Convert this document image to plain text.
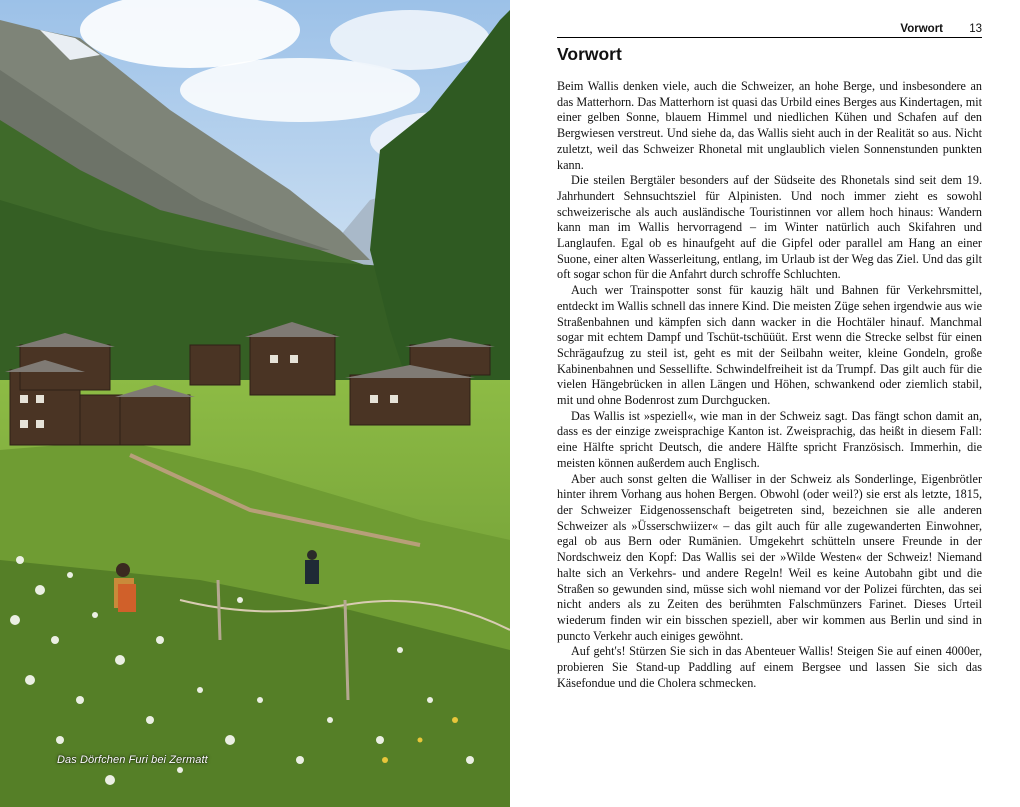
Das Dörfchen Furi bei Zermatt
Vorwort 13
Vorwort

Beim Wallis denken viele, auch die Schweizer, an hohe Berge, und insbesondere an das Matterhorn. Das Matterhorn ist quasi das Urbild eines Berges aus Kindertagen, mit einer gelben Sonne, blauem Himmel und niedlichen Kühen und Schafen auf den Bergwiesen verstreut. Und siehe da, das Wallis sieht auch in der Realität so aus. Nicht zuletzt, weil das Schweizer Rhonetal mit unglaublich vielen Sonnenstunden punkten kann.

Die steilen Bergtäler besonders auf der Südseite des Rhonetals sind seit dem 19. Jahrhundert Sehnsuchtsziel für Alpinisten. Und noch immer zieht es sowohl schweizerische als auch ausländische Touristinnen vor allem hoch hinaus: Wandern kann man im Wallis hervorragend – im Winter natürlich auch Skifahren und Langlaufen. Egal ob es hinaufgeht auf die Gipfel oder parallel am Hang an einer Suone, einer alten Wasserleitung, entlang, im Urlaub ist der Weg das Ziel. Und das gilt oft sogar schon für die Anfahrt durch schroffe Schluchten.

Auch wer Trainspotter sonst für kauzig hält und Bahnen für Verkehrsmittel, entdeckt im Wallis schnell das innere Kind. Die meisten Züge sehen irgendwie aus wie Straßenbahnen und kämpfen sich dann wacker in die Hochtäler hinauf. Manchmal sogar mit echtem Dampf und Tschüt-tschüüüt. Erst wenn die Strecke selbst für einen Schrägaufzug zu steil ist, geht es mit der Seilbahn weiter, kleine Gondeln, große Kabinenbahnen und Sessellifte. Schwindelfreiheit ist da Trumpf. Das gilt auch für die vielen Hängebrücken in allen Längen und Höhen, schwankend oder ziemlich stabil, mit und ohne Bodenrost zum Durchgucken.

Das Wallis ist »speziell«, wie man in der Schweiz sagt. Das fängt schon damit an, dass es der einzige zweisprachige Kanton ist. Zweisprachig, das heißt in diesem Fall: eine Hälfte spricht Deutsch, die andere Hälfte spricht Französisch. Immerhin, die meisten können außerdem auch Englisch.

Aber auch sonst gelten die Walliser in der Schweiz als Sonderlinge, Eigenbrötler hinter ihrem Vorhang aus hohen Bergen. Obwohl (oder weil?) sie erst als letzte, 1815, der Schweizer Eidgenossenschaft beigetreten sind, bezeichnen sie alle anderen Schweizer als »Üsserschwiizer« – das gilt auch für alle zugewanderten Einwohner, egal ob aus Bern oder Rumänien. Umgekehrt schütteln unsere Freunde in der Nordschweiz den Kopf: Das Wallis sei der »Wilde Westen« der Schweiz! Niemand halte sich an Verkehrs- und andere Regeln! Weil es keine Autobahn gibt und die Straßen so gewunden sind, müsse sich wohl niemand vor der Polizei fürchten, das sei nicht anders als zu Zeiten des berühmten Falschmünzers Farinet. Dieses Urteil wiederum finden wir ein bisschen speziell, aber wir kommen aus Berlin und sind in puncto Verkehr auch einiges gewöhnt.

Auf geht's! Stürzen Sie sich in das Abenteuer Wallis! Steigen Sie auf einen 4000er, probieren Sie Stand-up Paddling auf einem Bergsee und lassen Sie sich das Käsefondue und die Cholera schmecken.
